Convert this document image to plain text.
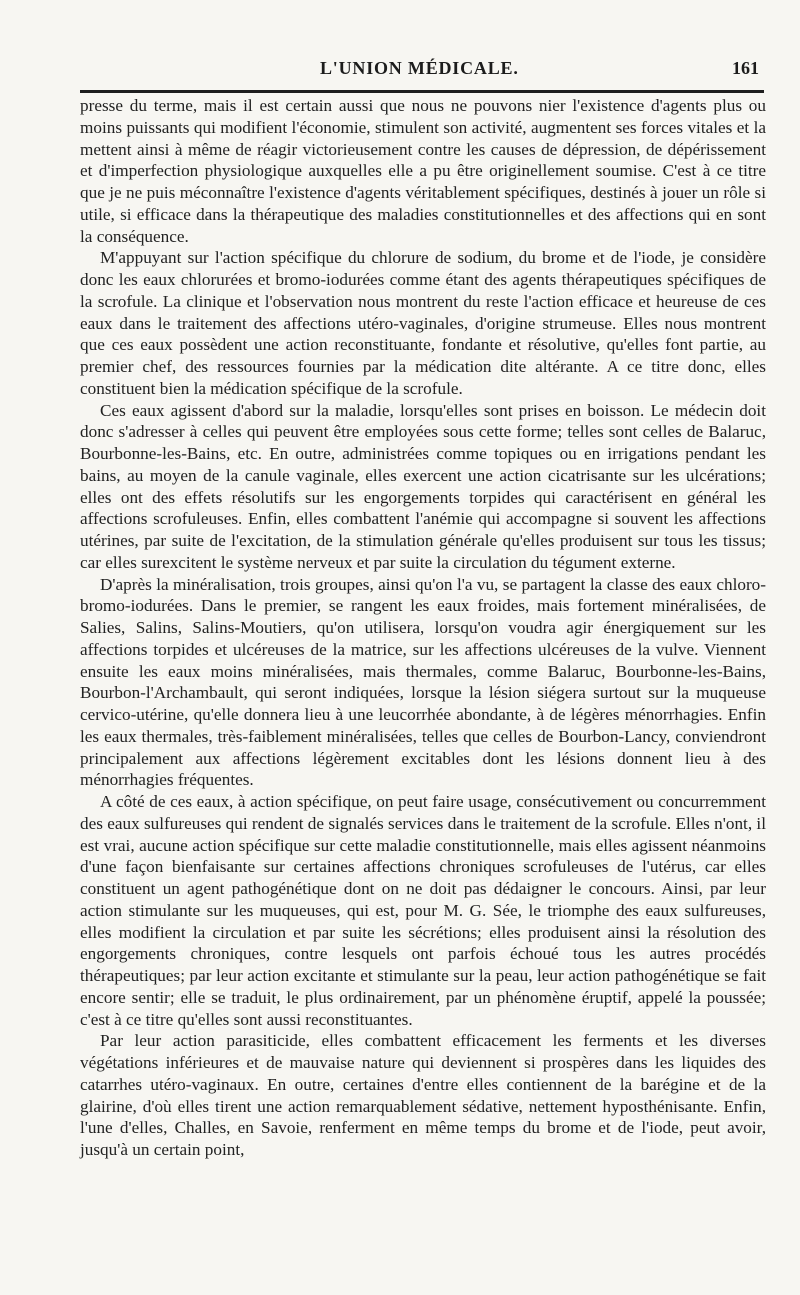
L'UNION MÉDICALE.	161

presse du terme, mais il est certain aussi que nous ne pouvons nier l'existence d'agents plus ou moins puissants qui modifient l'économie, stimulent son activité, augmentent ses forces vitales et la mettent ainsi à même de réagir victorieusement contre les causes de dépression, de dépérissement et d'imperfection physiologique auxquelles elle a pu être originellement soumise. C'est à ce titre que je ne puis méconnaître l'existence d'agents véritablement spécifiques, destinés à jouer un rôle si utile, si efficace dans la thérapeutique des maladies constitutionnelles et des affections qui en sont la conséquence.

M'appuyant sur l'action spécifique du chlorure de sodium, du brome et de l'iode, je considère donc les eaux chlorurées et bromo-iodurées comme étant des agents thérapeutiques spécifiques de la scrofule. La clinique et l'observation nous montrent du reste l'action efficace et heureuse de ces eaux dans le traitement des affections utéro-vaginales, d'origine strumeuse. Elles nous montrent que ces eaux possèdent une action reconstituante, fondante et résolutive, qu'elles font partie, au premier chef, des ressources fournies par la médication dite altérante. A ce titre donc, elles constituent bien la médication spécifique de la scrofule.

Ces eaux agissent d'abord sur la maladie, lorsqu'elles sont prises en boisson. Le médecin doit donc s'adresser à celles qui peuvent être employées sous cette forme; telles sont celles de Balaruc, Bourbonne-les-Bains, etc. En outre, administrées comme topiques ou en irrigations pendant les bains, au moyen de la canule vaginale, elles exercent une action cicatrisante sur les ulcérations; elles ont des effets résolutifs sur les engorgements torpides qui caractérisent en général les affections scrofuleuses. Enfin, elles combattent l'anémie qui accompagne si souvent les affections utérines, par suite de l'excitation, de la stimulation générale qu'elles produisent sur tous les tissus; car elles surexcitent le système nerveux et par suite la circulation du tégument externe.

D'après la minéralisation, trois groupes, ainsi qu'on l'a vu, se partagent la classe des eaux chloro-bromo-iodurées. Dans le premier, se rangent les eaux froides, mais fortement minéralisées, de Salies, Salins, Salins-Moutiers, qu'on utilisera, lorsqu'on voudra agir énergiquement sur les affections torpides et ulcéreuses de la matrice, sur les affections ulcéreuses de la vulve. Viennent ensuite les eaux moins minéralisées, mais thermales, comme Balaruc, Bourbonne-les-Bains, Bourbon-l'Archambault, qui seront indiquées, lorsque la lésion siégera surtout sur la muqueuse cervico-utérine, qu'elle donnera lieu à une leucorrhée abondante, à de légères ménorrhagies. Enfin les eaux thermales, très-faiblement minéralisées, telles que celles de Bourbon-Lancy, conviendront principalement aux affections légèrement excitables dont les lésions donnent lieu à des ménorrhagies fréquentes.

A côté de ces eaux, à action spécifique, on peut faire usage, consécutivement ou concurremment des eaux sulfureuses qui rendent de signalés services dans le traitement de la scrofule. Elles n'ont, il est vrai, aucune action spécifique sur cette maladie constitutionnelle, mais elles agissent néanmoins d'une façon bienfaisante sur certaines affections chroniques scrofuleuses de l'utérus, car elles constituent un agent pathogénétique dont on ne doit pas dédaigner le concours. Ainsi, par leur action stimulante sur les muqueuses, qui est, pour M. G. Sée, le triomphe des eaux sulfureuses, elles modifient la circulation et par suite les sécrétions; elles produisent ainsi la résolution des engorgements chroniques, contre lesquels ont parfois échoué tous les autres procédés thérapeutiques; par leur action excitante et stimulante sur la peau, leur action pathogénétique se fait encore sentir; elle se traduit, le plus ordinairement, par un phénomène éruptif, appelé la poussée; c'est à ce titre qu'elles sont aussi reconstituantes.

Par leur action parasiticide, elles combattent efficacement les ferments et les diverses végétations inférieures et de mauvaise nature qui deviennent si prospères dans les liquides des catarrhes utéro-vaginaux. En outre, certaines d'entre elles contiennent de la barégine et de la glairine, d'où elles tirent une action remarquablement sédative, nettement hyposthénisante. Enfin, l'une d'elles, Challes, en Savoie, renferment en même temps du brome et de l'iode, peut avoir, jusqu'à un certain point,
